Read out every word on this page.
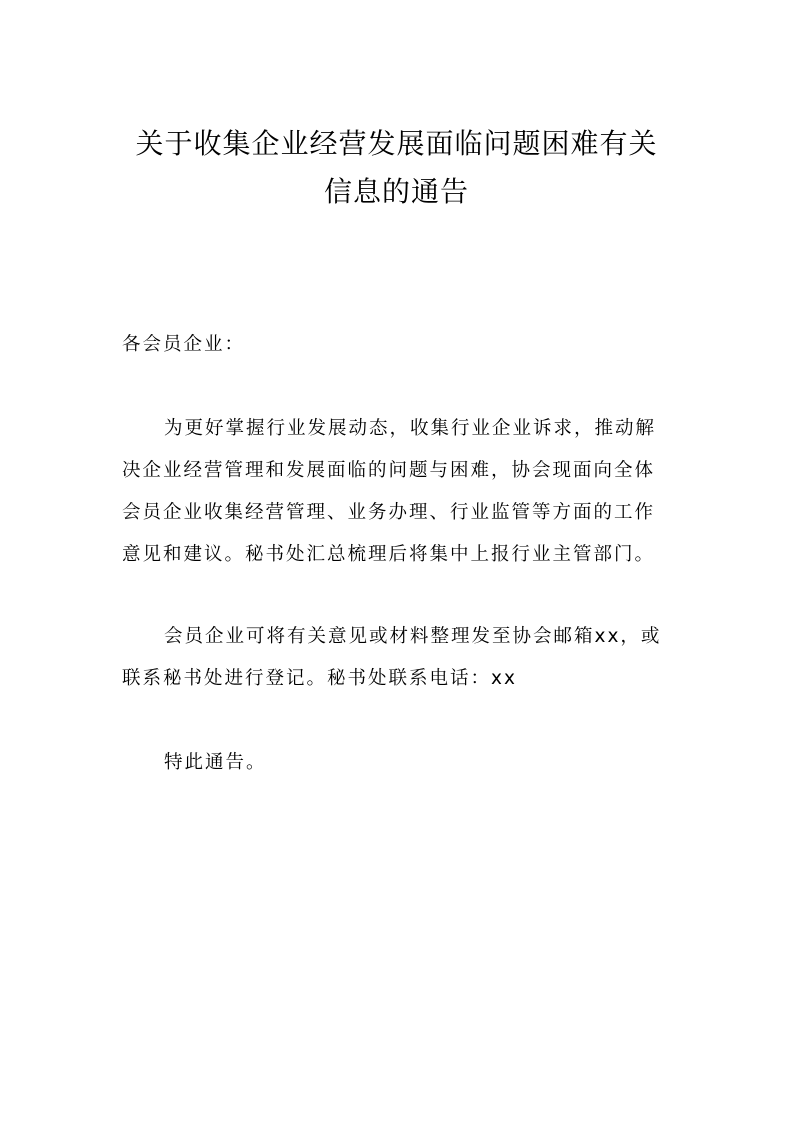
关于收集企业经营发展面临问题困难有关
信息的通告

各会员企业：

为更好掌握行业发展动态，收集行业企业诉求，推动解

决企业经营管理和发展面临的问题与困难，协会现面向全体

会员企业收集经营管理、业务办理、行业监管等方面的工作

意见和建议。秘书处汇总梳理后将集中上报行业主管部门。

会员企业可将有关意见或材料整理发至协会邮箱xx，或

联系秘书处进行登记。秘书处联系电话：xx

特此通告。
